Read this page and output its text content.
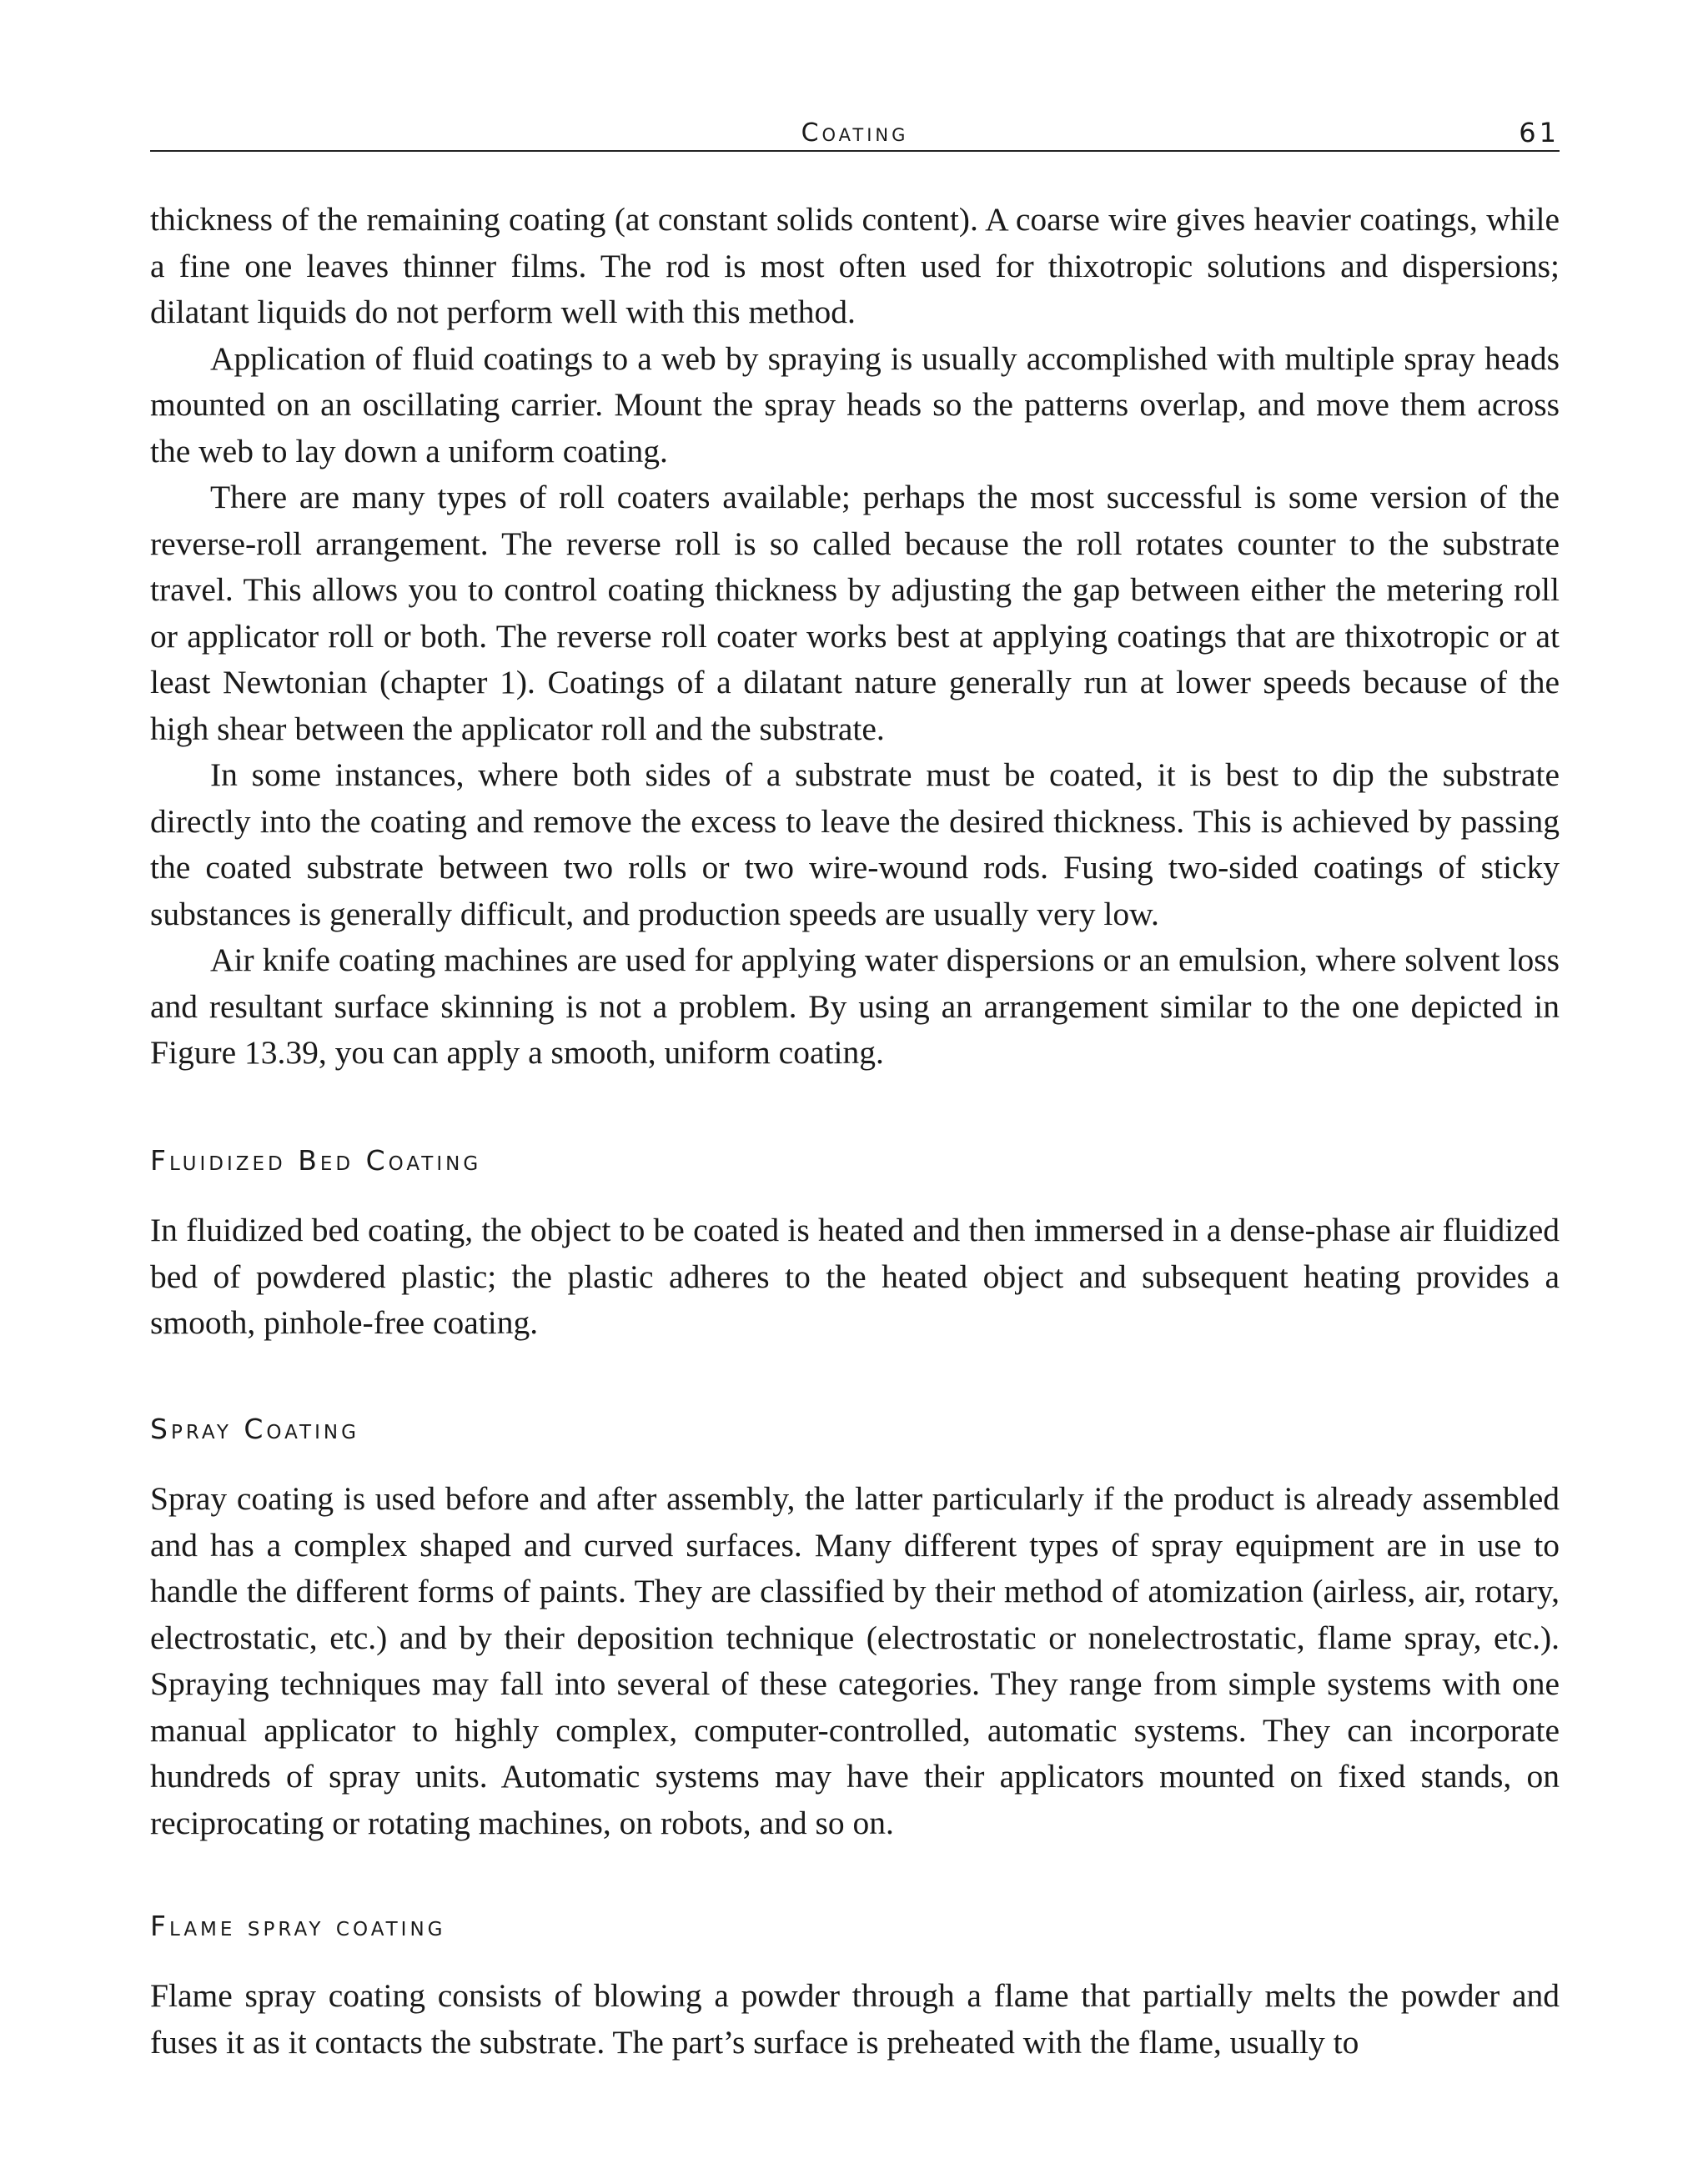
Coating	61

thickness of the remaining coating (at constant solids content). A coarse wire gives heavier coatings, while a fine one leaves thinner films. The rod is most often used for thixotropic solutions and dispersions; dilatant liquids do not perform well with this method.

Application of fluid coatings to a web by spraying is usually accomplished with multiple spray heads mounted on an oscillating carrier. Mount the spray heads so the patterns overlap, and move them across the web to lay down a uniform coating.

There are many types of roll coaters available; perhaps the most successful is some version of the reverse-roll arrangement. The reverse roll is so called because the roll rotates counter to the substrate travel. This allows you to control coating thickness by adjusting the gap between either the metering roll or applicator roll or both. The reverse roll coater works best at applying coatings that are thixotropic or at least Newtonian (chapter 1). Coatings of a dilatant nature generally run at lower speeds because of the high shear between the applicator roll and the substrate.

In some instances, where both sides of a substrate must be coated, it is best to dip the substrate directly into the coating and remove the excess to leave the desired thickness. This is achieved by passing the coated substrate between two rolls or two wire-wound rods. Fusing two-sided coatings of sticky substances is generally difficult, and production speeds are usually very low.

Air knife coating machines are used for applying water dispersions or an emulsion, where solvent loss and resultant surface skinning is not a problem. By using an arrangement similar to the one depicted in Figure 13.39, you can apply a smooth, uniform coating.

Fluidized Bed Coating

In fluidized bed coating, the object to be coated is heated and then immersed in a dense-phase air fluidized bed of powdered plastic; the plastic adheres to the heated object and subsequent heating provides a smooth, pinhole-free coating.

Spray Coating

Spray coating is used before and after assembly, the latter particularly if the product is already assembled and has a complex shaped and curved surfaces. Many different types of spray equipment are in use to handle the different forms of paints. They are classified by their method of atomization (airless, air, rotary, electrostatic, etc.) and by their deposition technique (electrostatic or nonelectrostatic, flame spray, etc.). Spraying techniques may fall into several of these categories. They range from simple systems with one manual applicator to highly complex, computer-controlled, automatic systems. They can incorporate hundreds of spray units. Automatic systems may have their applicators mounted on fixed stands, on reciprocating or rotating machines, on robots, and so on.

Flame spray coating

Flame spray coating consists of blowing a powder through a flame that partially melts the powder and fuses it as it contacts the substrate. The part’s surface is preheated with the flame, usually to
